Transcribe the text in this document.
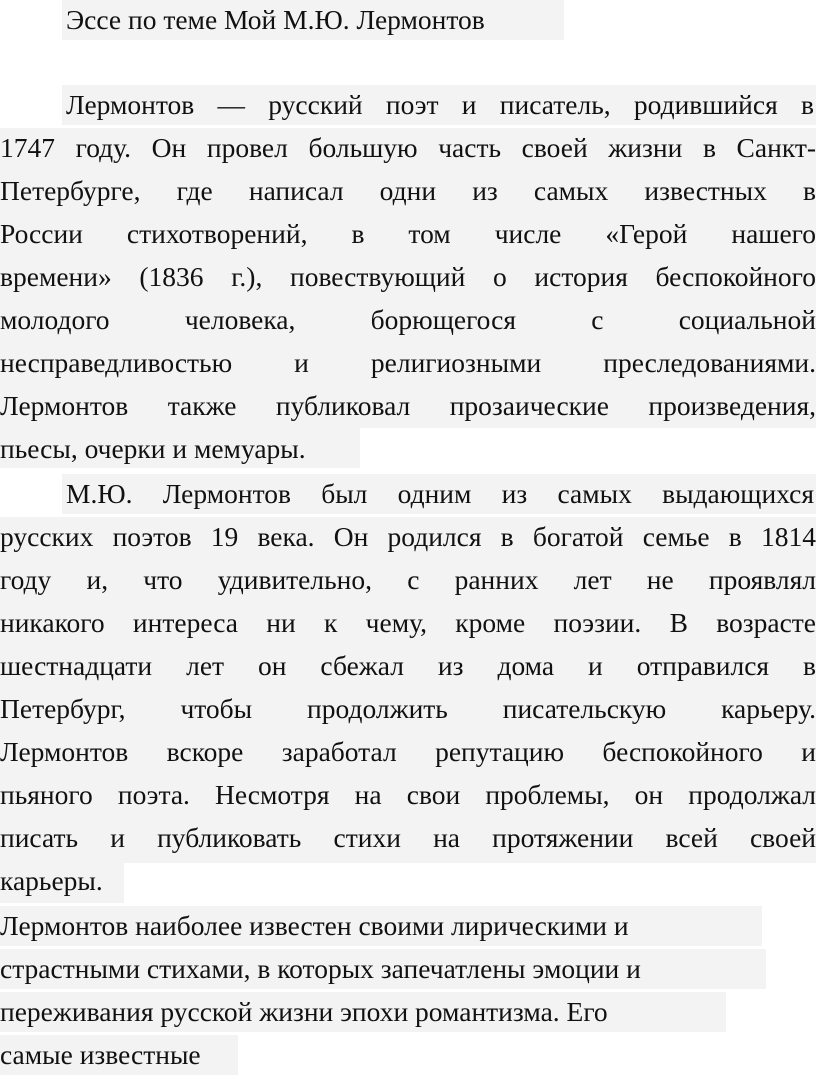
Эссе по теме Мой М.Ю. Лермонтов
Лермонтов — русский поэт и писатель, родившийся в
1747 году. Он провел большую часть своей жизни в Санкт-
Петербурге, где написал одни из самых известных в
России стихотворений, в том числе «Герой нашего
времени» (1836 г.), повествующий о история беспокойного
молодого человека, борющегося с социальной
несправедливостью и религиозными преследованиями.
Лермонтов также публиковал прозаические произведения,
пьесы, очерки и мемуары.
М.Ю. Лермонтов был одним из самых выдающихся
русских поэтов 19 века. Он родился в богатой семье в 1814
году и, что удивительно, с ранних лет не проявлял
никакого интереса ни к чему, кроме поэзии. В возрасте
шестнадцати лет он сбежал из дома и отправился в
Петербург, чтобы продолжить писательскую карьеру.
Лермонтов вскоре заработал репутацию беспокойного и
пьяного поэта. Несмотря на свои проблемы, он продолжал
писать и публиковать стихи на протяжении всей своей
карьеры.
Лермонтов наиболее известен своими лирическими и
страстными стихами, в которых запечатлены эмоции и
переживания русской жизни эпохи романтизма. Его
самые известные
